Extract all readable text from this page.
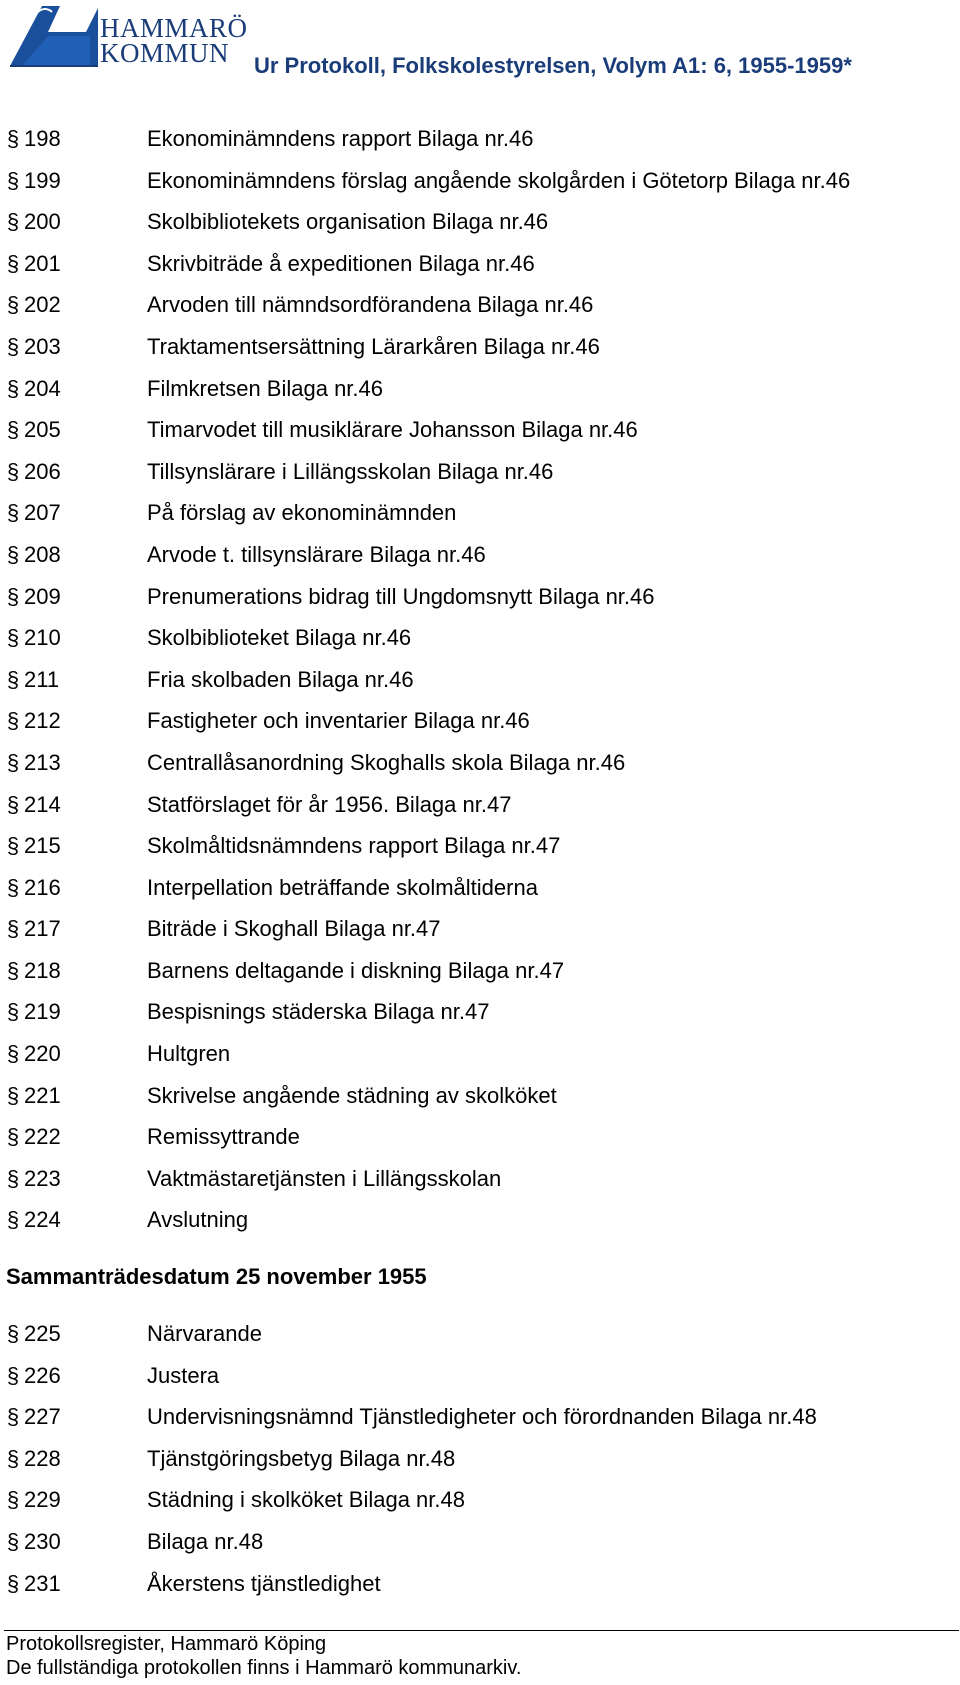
HAMMARÖ
KOMMUN	Ur Protokoll, Folkskolestyrelsen, Volym A1: 6, 1955-1959*
§ 198	Ekonominämndens rapport Bilaga nr.46
§ 199	Ekonominämndens förslag angående skolgården i Götetorp Bilaga nr.46
§ 200	Skolbibliotekets organisation Bilaga nr.46
§ 201	Skrivbiträde å expeditionen Bilaga nr.46
§ 202	Arvoden till nämndsordförandena Bilaga nr.46
§ 203	Traktamentsersättning Lärarkåren Bilaga nr.46
§ 204	Filmkretsen Bilaga nr.46
§ 205	Timarvodet till musiklärare Johansson Bilaga nr.46
§ 206	Tillsynslärare i Lillängsskolan Bilaga nr.46
§ 207	På förslag av ekonominämnden
§ 208	Arvode t. tillsynslärare Bilaga nr.46
§ 209	Prenumerations bidrag till Ungdomsnytt Bilaga nr.46
§ 210	Skolbiblioteket Bilaga nr.46
§ 211	Fria skolbaden Bilaga nr.46
§ 212	Fastigheter och inventarier Bilaga nr.46
§ 213	Centrallåsanordning Skoghalls skola Bilaga nr.46
§ 214	Statförslaget för år 1956. Bilaga nr.47
§ 215	Skolmåltidsnämndens rapport Bilaga nr.47
§ 216	Interpellation beträffande skolmåltiderna
§ 217	Biträde i Skoghall Bilaga nr.47
§ 218	Barnens deltagande i diskning Bilaga nr.47
§ 219	Bespisnings städerska Bilaga nr.47
§ 220	Hultgren
§ 221	Skrivelse angående städning av skolköket
§ 222	Remissyttrande
§ 223	Vaktmästaretjänsten i Lillängsskolan
§ 224	Avslutning
Sammanträdesdatum 25 november 1955
§ 225	Närvarande
§ 226	Justera
§ 227	Undervisningsnämnd Tjänstledigheter och förordnanden Bilaga nr.48
§ 228	Tjänstgöringsbetyg Bilaga nr.48
§ 229	Städning i skolköket Bilaga nr.48
§ 230	Bilaga nr.48
§ 231	Åkerstens tjänstledighet
Protokollsregister, Hammarö Köping
De fullständiga protokollen finns i Hammarö kommunarkiv.
